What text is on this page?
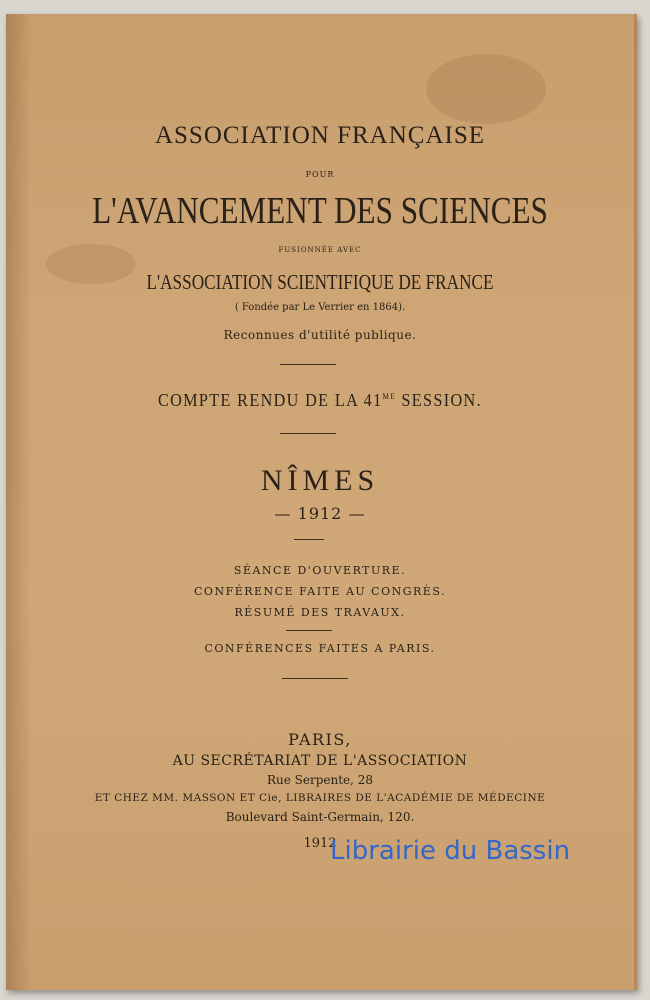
ASSOCIATION FRANÇAISE
POUR
L'AVANCEMENT DES SCIENCES
FUSIONNÉE AVEC
L'ASSOCIATION SCIENTIFIQUE DE FRANCE
( Fondée par Le Verrier en 1864).
Reconnues d'utilité publique.
COMPTE RENDU DE LA $41^{ME}$ SESSION.
NÎMES
— 1912 —
SÉANCE D'OUVERTURE.
CONFÉRENCE FAITE AU CONGRÈS.
RÉSUMÉ DES TRAVAUX.
CONFÉRENCES FAITES A PARIS.
PARIS,
AU SECRÉTARIAT DE L'ASSOCIATION
Rue Serpente, 28
ET CHEZ MM. MASSON ET Cie, LIBRAIRES DE L'ACADÉMIE DE MÉDECINE
Boulevard Saint-Germain, 120.
1912
Librairie du Bassin
